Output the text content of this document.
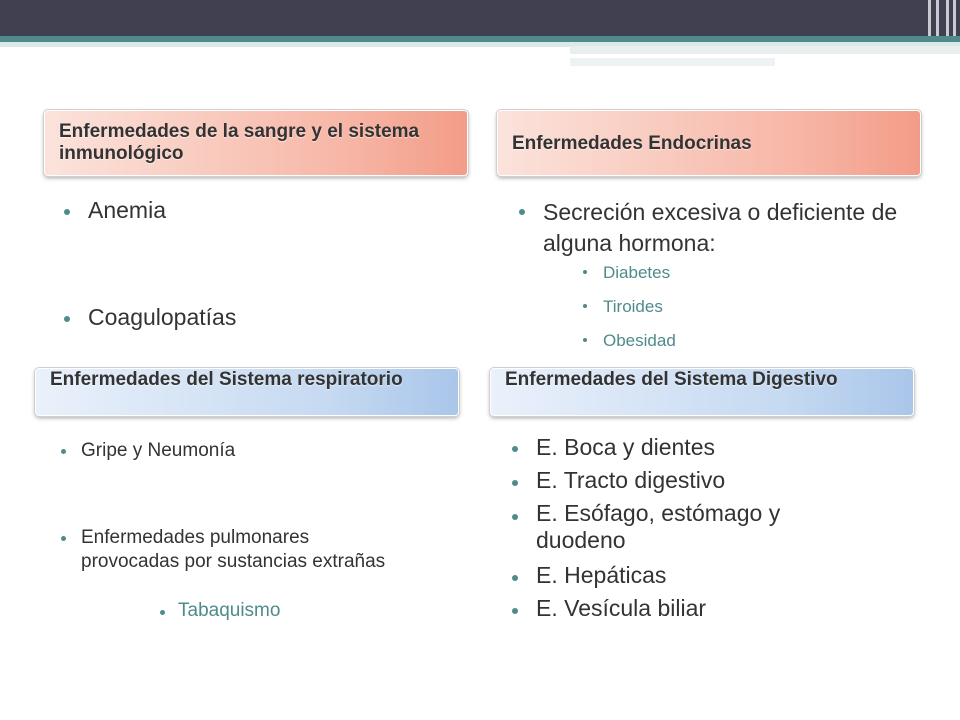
Enfermedades de la sangre y el sistema inmunológico
Anemia
Coagulopatías
Enfermedades Endocrinas
Secreción excesiva o deficiente de alguna hormona:
Diabetes
Tiroides
Obesidad
Enfermedades del Sistema respiratorio
Gripe y Neumonía
Enfermedades pulmonares provocadas por sustancias extrañas
Tabaquismo
Enfermedades del Sistema Digestivo
E. Boca y dientes
E. Tracto digestivo
E. Esófago, estómago y duodeno
E. Hepáticas
E. Vesícula biliar
